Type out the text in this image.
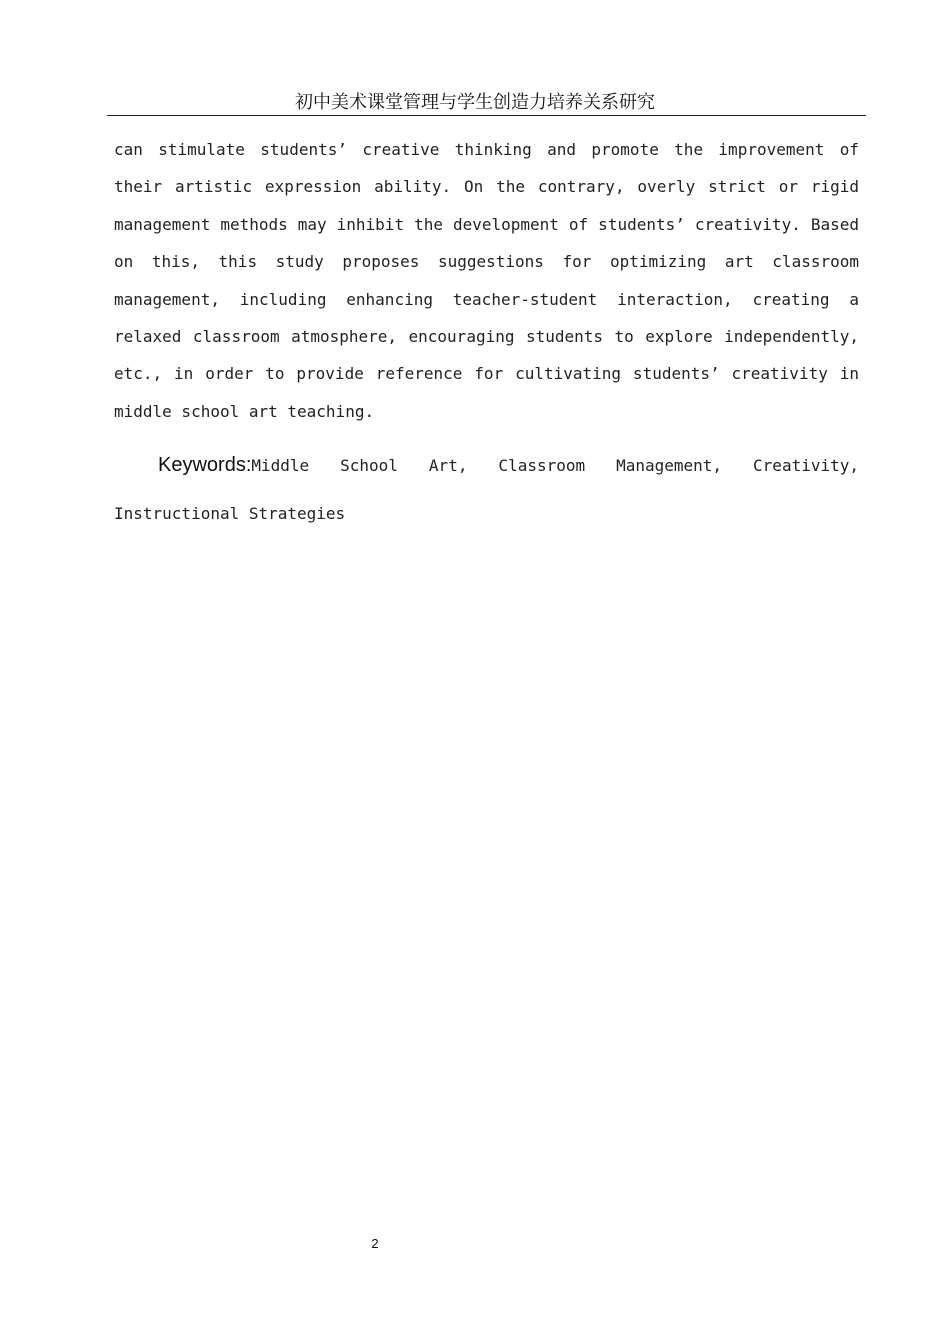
初中美术课堂管理与学生创造力培养关系研究

can stimulate students’ creative thinking and promote the improvement of their artistic expression ability. On the contrary, overly strict or rigid management methods may inhibit the development of students’ creativity. Based on this, this study proposes suggestions for optimizing art classroom management, including enhancing teacher-student interaction, creating a relaxed classroom atmosphere, encouraging students to explore independently, etc., in order to provide reference for cultivating students’ creativity in middle school art teaching.

Keywords:Middle School Art, Classroom Management, Creativity, Instructional Strategies

2
